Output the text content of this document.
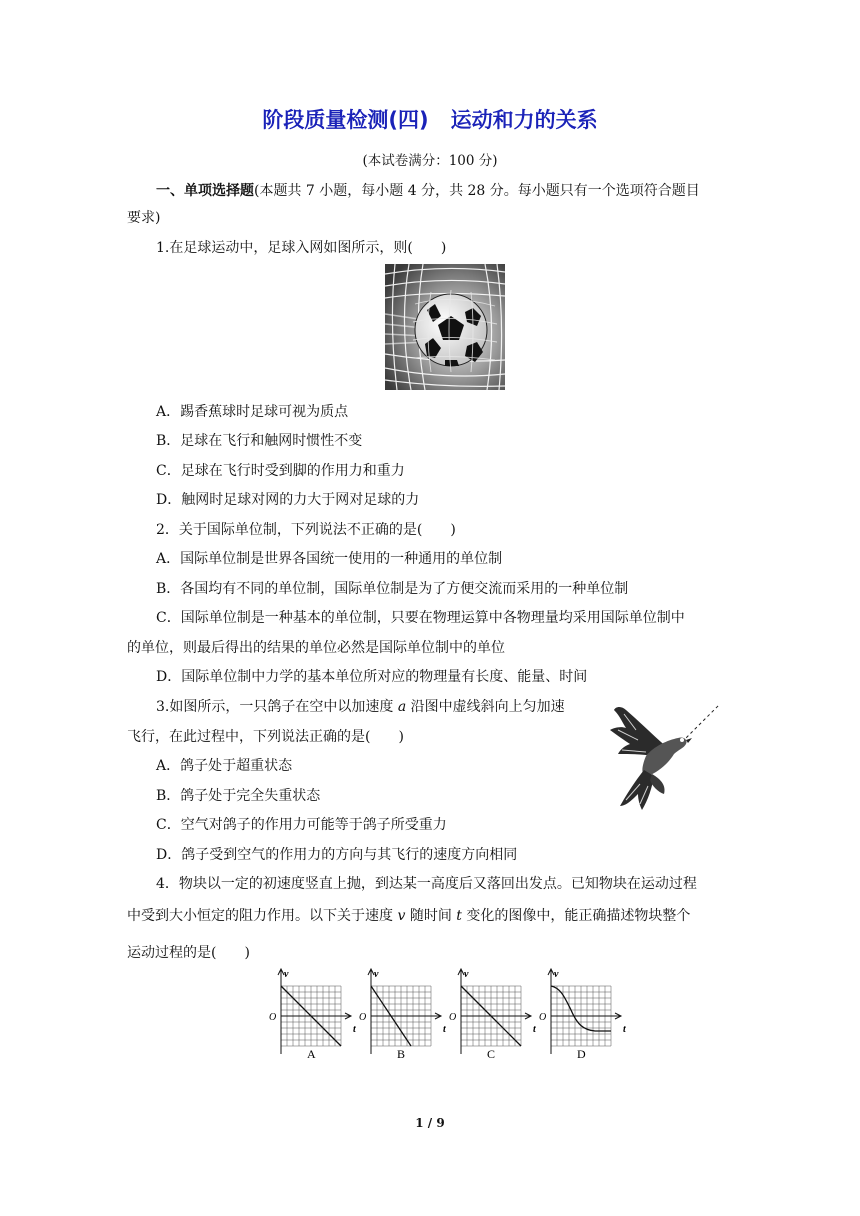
阶段质量检测(四) 运动和力的关系
(本试卷满分：100 分)
一、单项选择题(本题共 7 小题，每小题 4 分，共 28 分。每小题只有一个选项符合题目
要求)
1.在足球运动中，足球入网如图所示，则(　　)
A．踢香蕉球时足球可视为质点
B．足球在飞行和触网时惯性不变
C．足球在飞行时受到脚的作用力和重力
D．触网时足球对网的力大于网对足球的力
2．关于国际单位制，下列说法不正确的是(　　)
A．国际单位制是世界各国统一使用的一种通用的单位制
B．各国均有不同的单位制，国际单位制是为了方便交流而采用的一种单位制
C．国际单位制是一种基本的单位制，只要在物理运算中各物理量均采用国际单位制中
的单位，则最后得出的结果的单位必然是国际单位制中的单位
D．国际单位制中力学的基本单位所对应的物理量有长度、能量、时间
3.如图所示，一只鸽子在空中以加速度 a 沿图中虚线斜向上匀加速
飞行，在此过程中，下列说法正确的是(　　)
A．鸽子处于超重状态
B．鸽子处于完全失重状态
C．空气对鸽子的作用力可能等于鸽子所受重力
D．鸽子受到空气的作用力的方向与其飞行的速度方向相同
4．物块以一定的初速度竖直上抛，到达某一高度后又落回出发点。已知物块在运动过程
中受到大小恒定的阻力作用。以下关于速度 v 随时间 t 变化的图像中，能正确描述物块整个
运动过程的是(　　)
v
t
O
A
v
t
O
B
v
t
O
C
v
t
O
D
1 / 9
